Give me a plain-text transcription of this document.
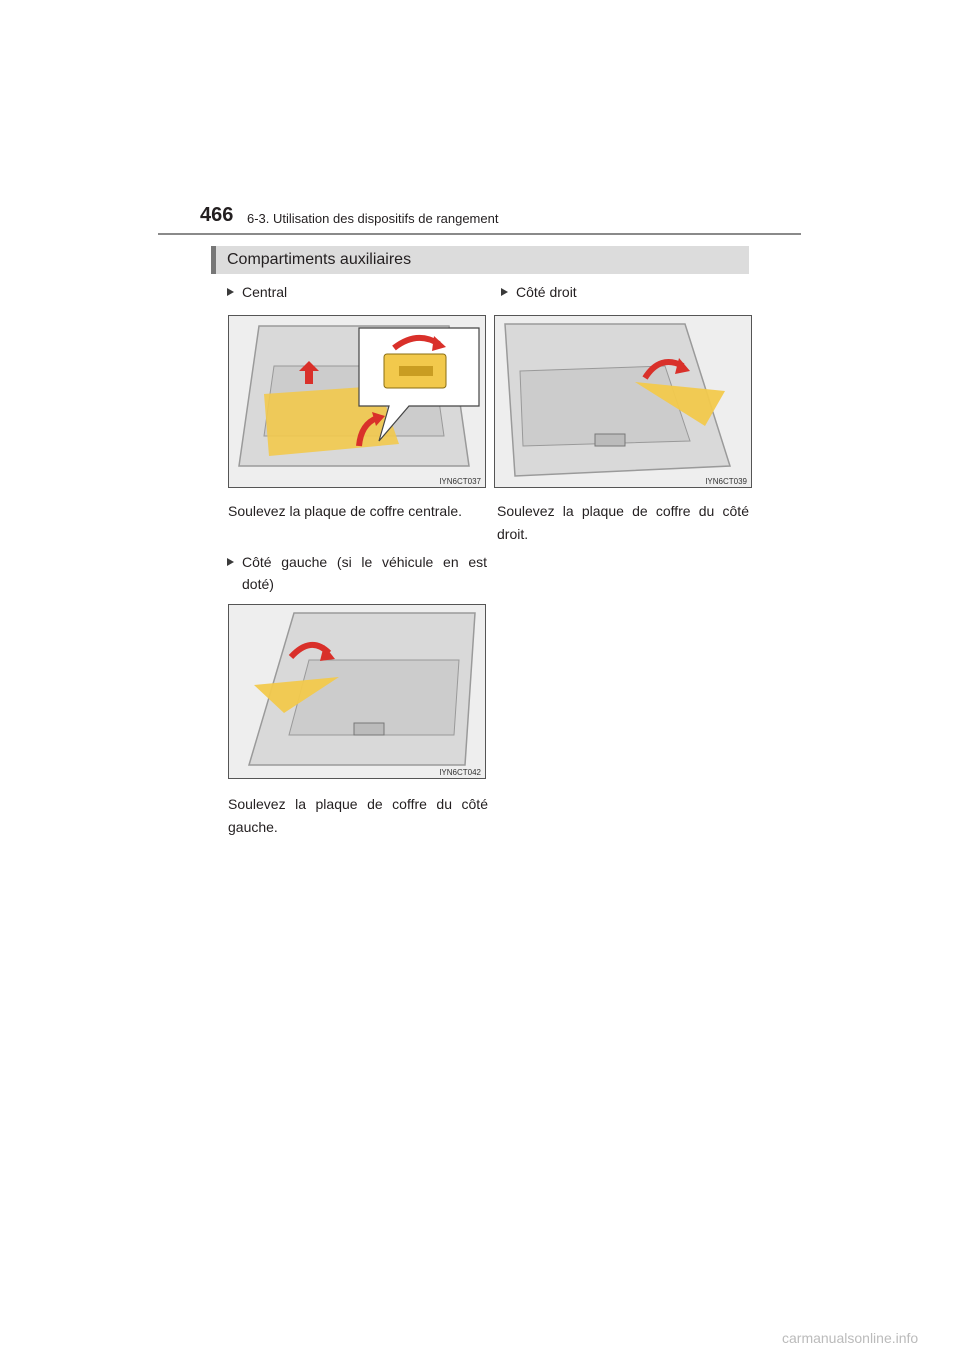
466 6-3. Utilisation des dispositifs de rangement
Compartiments auxiliaires
Central
IYN6CT037
Soulevez la plaque de coffre centrale.
Côté droit
IYN6CT039
Soulevez la plaque de coffre du côté droit.
Côté gauche (si le véhicule en est doté)
IYN6CT042
Soulevez la plaque de coffre du côté gauche.
carmanualsonline.info
